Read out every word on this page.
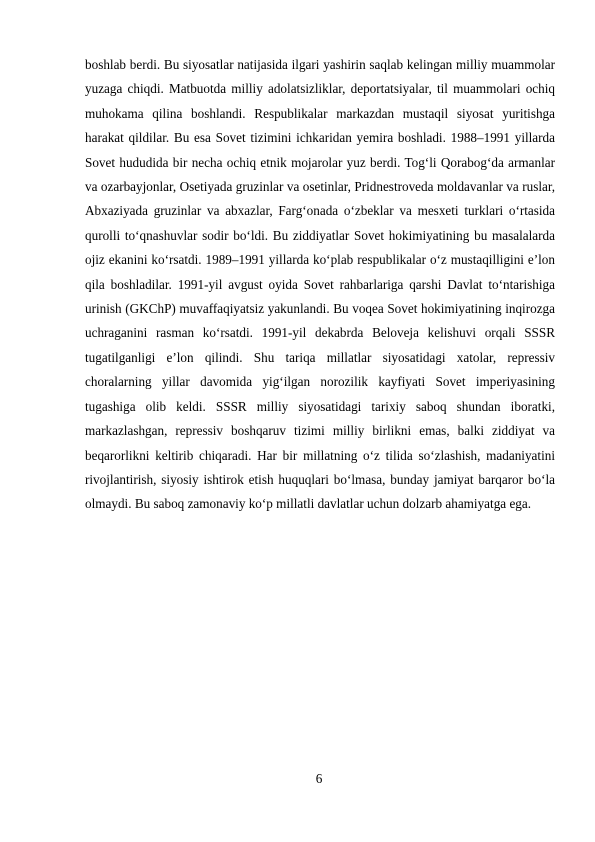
boshlab berdi. Bu siyosatlar natijasida ilgari yashirin saqlab kelingan milliy muammolar yuzaga chiqdi. Matbuotda milliy adolatsizliklar, deportatsiyalar, til muammolari ochiq muhokama qilina boshlandi. Respublikalar markazdan mustaqil siyosat yuritishga harakat qildilar. Bu esa Sovet tizimini ichkaridan yemira boshladi.

1988–1991 yillarda Sovet hududida bir necha ochiq etnik mojarolar yuz berdi. Tog‘li Qorabog‘da armanlar va ozarbayjonlar, Osetiyada gruzinlar va osetinlar, Pridnestroveda moldavanlar va ruslar, Abxaziyada gruzinlar va abxazlar, Farg‘onada o‘zbeklar va mesxeti turklari o‘rtasida qurolli to‘qnashuvlar sodir bo‘ldi. Bu ziddiyatlar Sovet hokimiyatining bu masalalarda ojiz ekanini ko‘rsatdi. 1989–1991 yillarda ko‘plab respublikalar o‘z mustaqilligini e’lon qila boshladilar. 1991-yil avgust oyida Sovet rahbarlariga qarshi Davlat to‘ntarishiga urinish (GKChP) muvaffaqiyatsiz yakunlandi. Bu voqea Sovet hokimiyatining inqirozga uchraganini rasman ko‘rsatdi. 1991-yil dekabrda Beloveja kelishuvi orqali SSSR tugatilganligi e’lon qilindi. Shu tariqa millatlar siyosatidagi xatolar, repressiv choralarning yillar davomida yig‘ilgan norozilik kayfiyati Sovet imperiyasining tugashiga olib keldi.

SSSR milliy siyosatidagi tarixiy saboq shundan iboratki, markazlashgan, repressiv boshqaruv tizimi milliy birlikni emas, balki ziddiyat va beqarorlikni keltirib chiqaradi. Har bir millatning o‘z tilida so‘zlashish, madaniyatini rivojlantirish, siyosiy ishtirok etish huquqlari bo‘lmasa, bunday jamiyat barqaror bo‘la olmaydi. Bu saboq zamonaviy ko‘p millatli davlatlar uchun dolzarb ahamiyatga ega.

6
